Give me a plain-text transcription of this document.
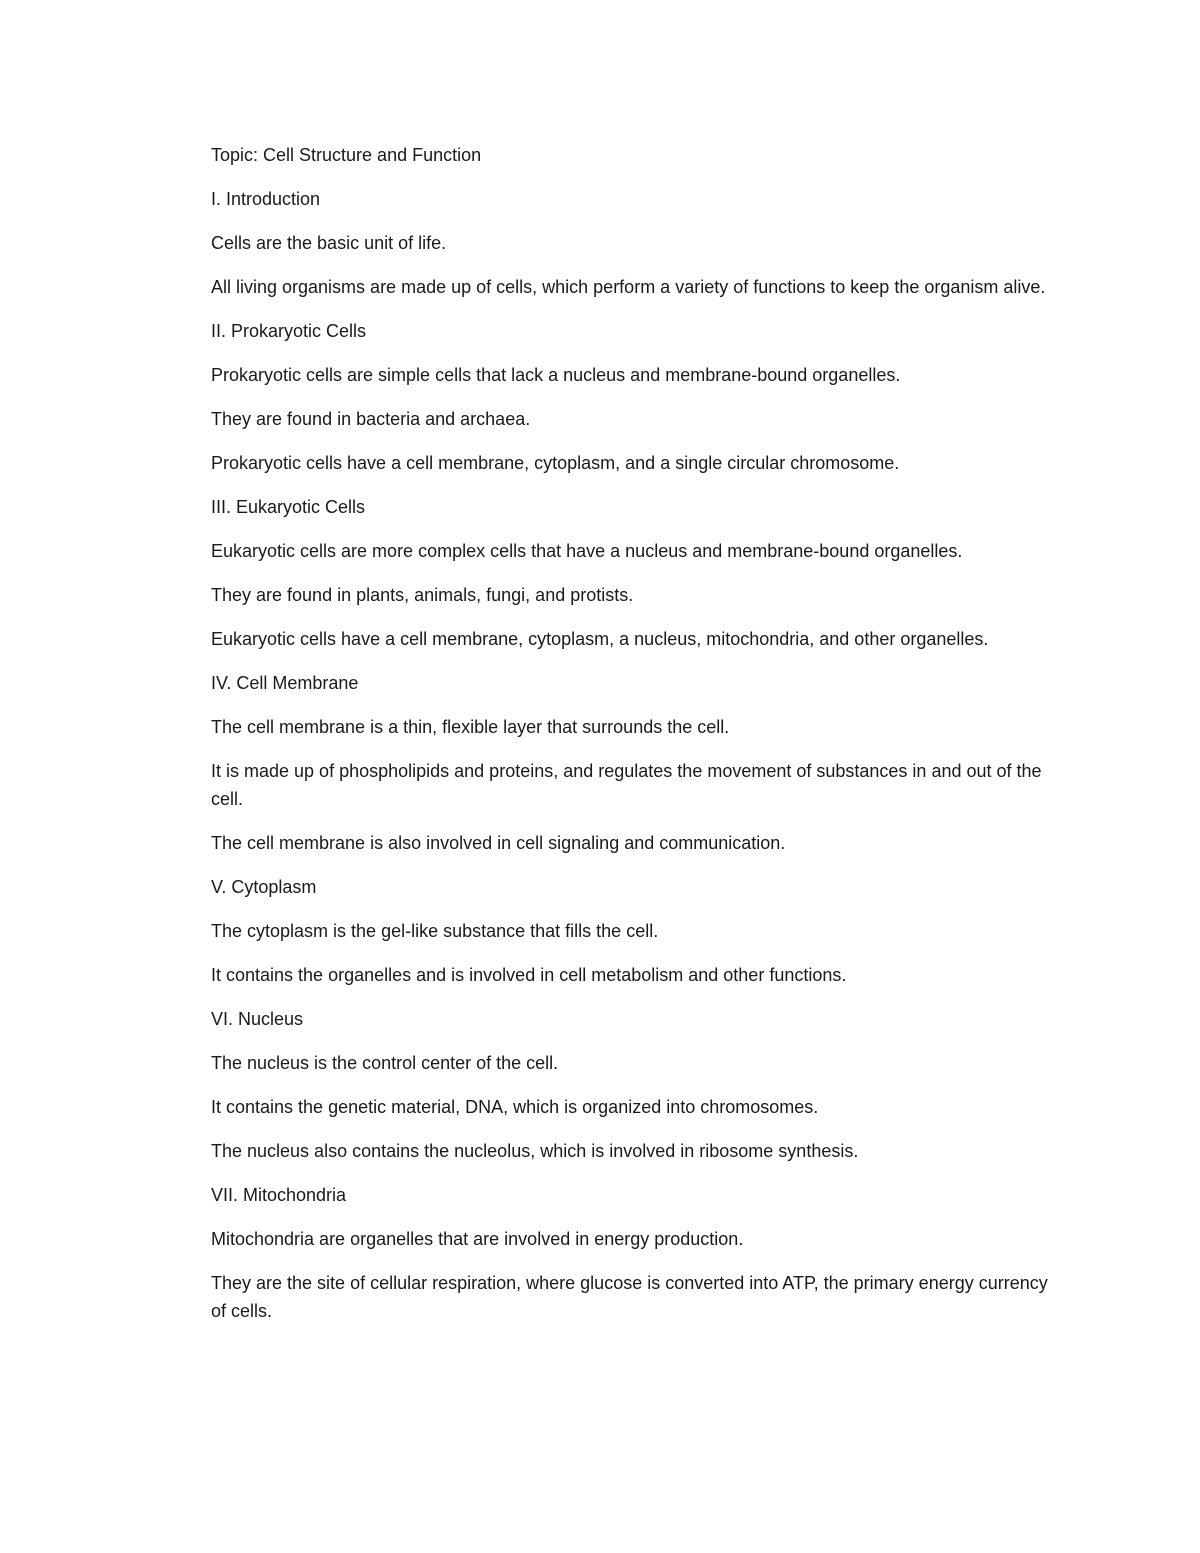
Topic: Cell Structure and Function

I. Introduction

Cells are the basic unit of life.

All living organisms are made up of cells, which perform a variety of functions to keep the organism alive.

II. Prokaryotic Cells

Prokaryotic cells are simple cells that lack a nucleus and membrane-bound organelles.

They are found in bacteria and archaea.

Prokaryotic cells have a cell membrane, cytoplasm, and a single circular chromosome.

III. Eukaryotic Cells

Eukaryotic cells are more complex cells that have a nucleus and membrane-bound organelles.

They are found in plants, animals, fungi, and protists.

Eukaryotic cells have a cell membrane, cytoplasm, a nucleus, mitochondria, and other organelles.

IV. Cell Membrane

The cell membrane is a thin, flexible layer that surrounds the cell.

It is made up of phospholipids and proteins, and regulates the movement of substances in and out of the cell.

The cell membrane is also involved in cell signaling and communication.

V. Cytoplasm

The cytoplasm is the gel-like substance that fills the cell.

It contains the organelles and is involved in cell metabolism and other functions.

VI. Nucleus

The nucleus is the control center of the cell.

It contains the genetic material, DNA, which is organized into chromosomes.

The nucleus also contains the nucleolus, which is involved in ribosome synthesis.

VII. Mitochondria

Mitochondria are organelles that are involved in energy production.

They are the site of cellular respiration, where glucose is converted into ATP, the primary energy currency of cells.
